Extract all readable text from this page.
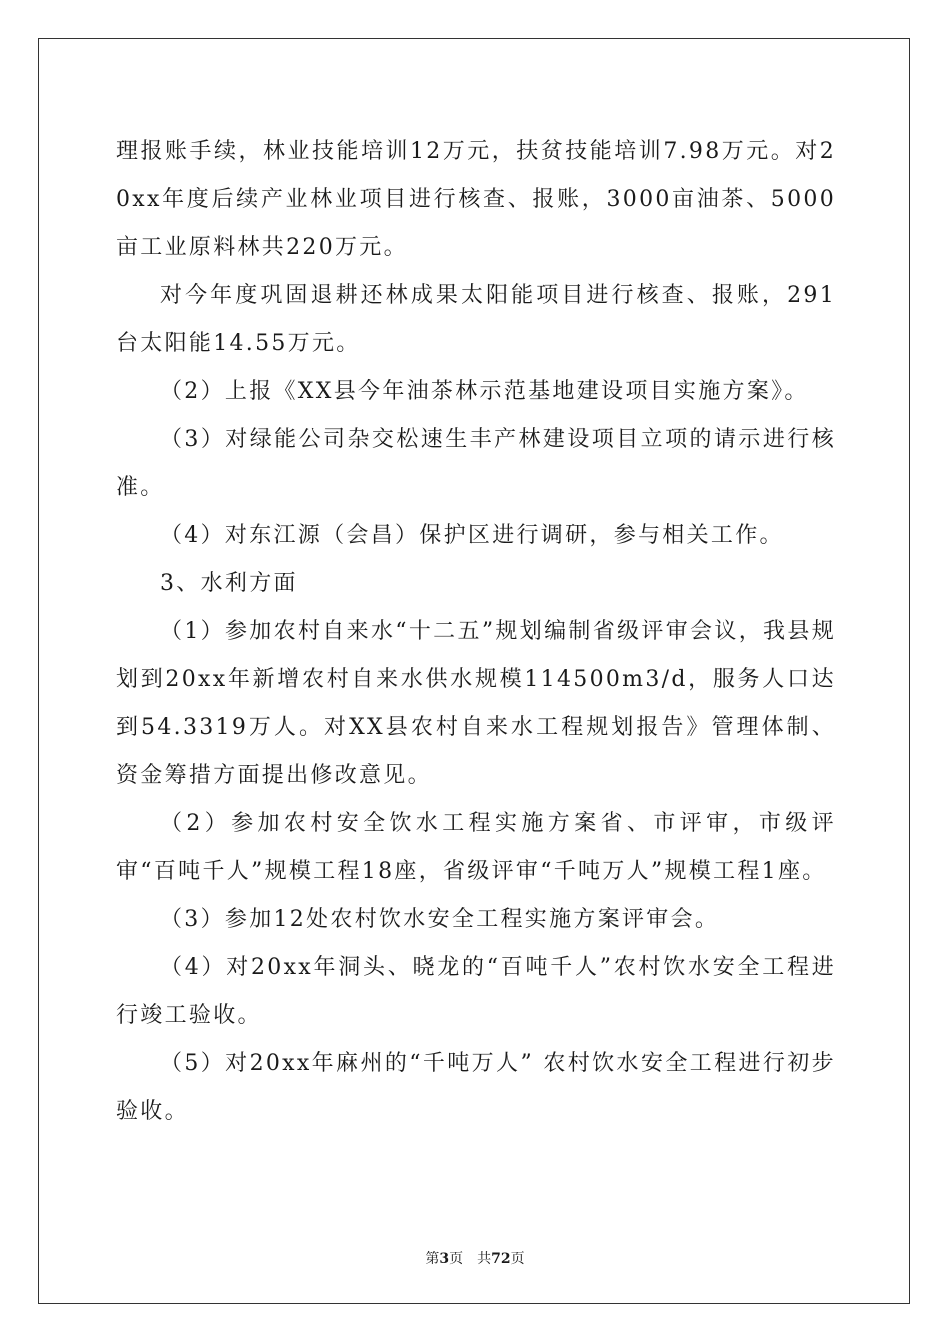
理报账手续，林业技能培训12万元，扶贫技能培训7.98万元。对20xx年度后续产业林业项目进行核查、报账，3000亩油茶、5000亩工业原料林共220万元。

对今年度巩固退耕还林成果太阳能项目进行核查、报账，291台太阳能14.55万元。

（2）上报《XX县今年油茶林示范基地建设项目实施方案》。

（3）对绿能公司杂交松速生丰产林建设项目立项的请示进行核准。

（4）对东江源（会昌）保护区进行调研，参与相关工作。

3、水利方面

（1）参加农村自来水“十二五”规划编制省级评审会议，我县规划到20xx年新增农村自来水供水规模114500m3/d，服务人口达到54.3319万人。对XX县农村自来水工程规划报告》管理体制、资金筹措方面提出修改意见。

（2）参加农村安全饮水工程实施方案省、市评审，市级评审“百吨千人”规模工程18座，省级评审“千吨万人”规模工程1座。

（3）参加12处农村饮水安全工程实施方案评审会。

（4）对20xx年洞头、晓龙的“百吨千人”农村饮水安全工程进行竣工验收。

（5）对20xx年麻州的“千吨万人” 农村饮水安全工程进行初步验收。

第3页　共72页
